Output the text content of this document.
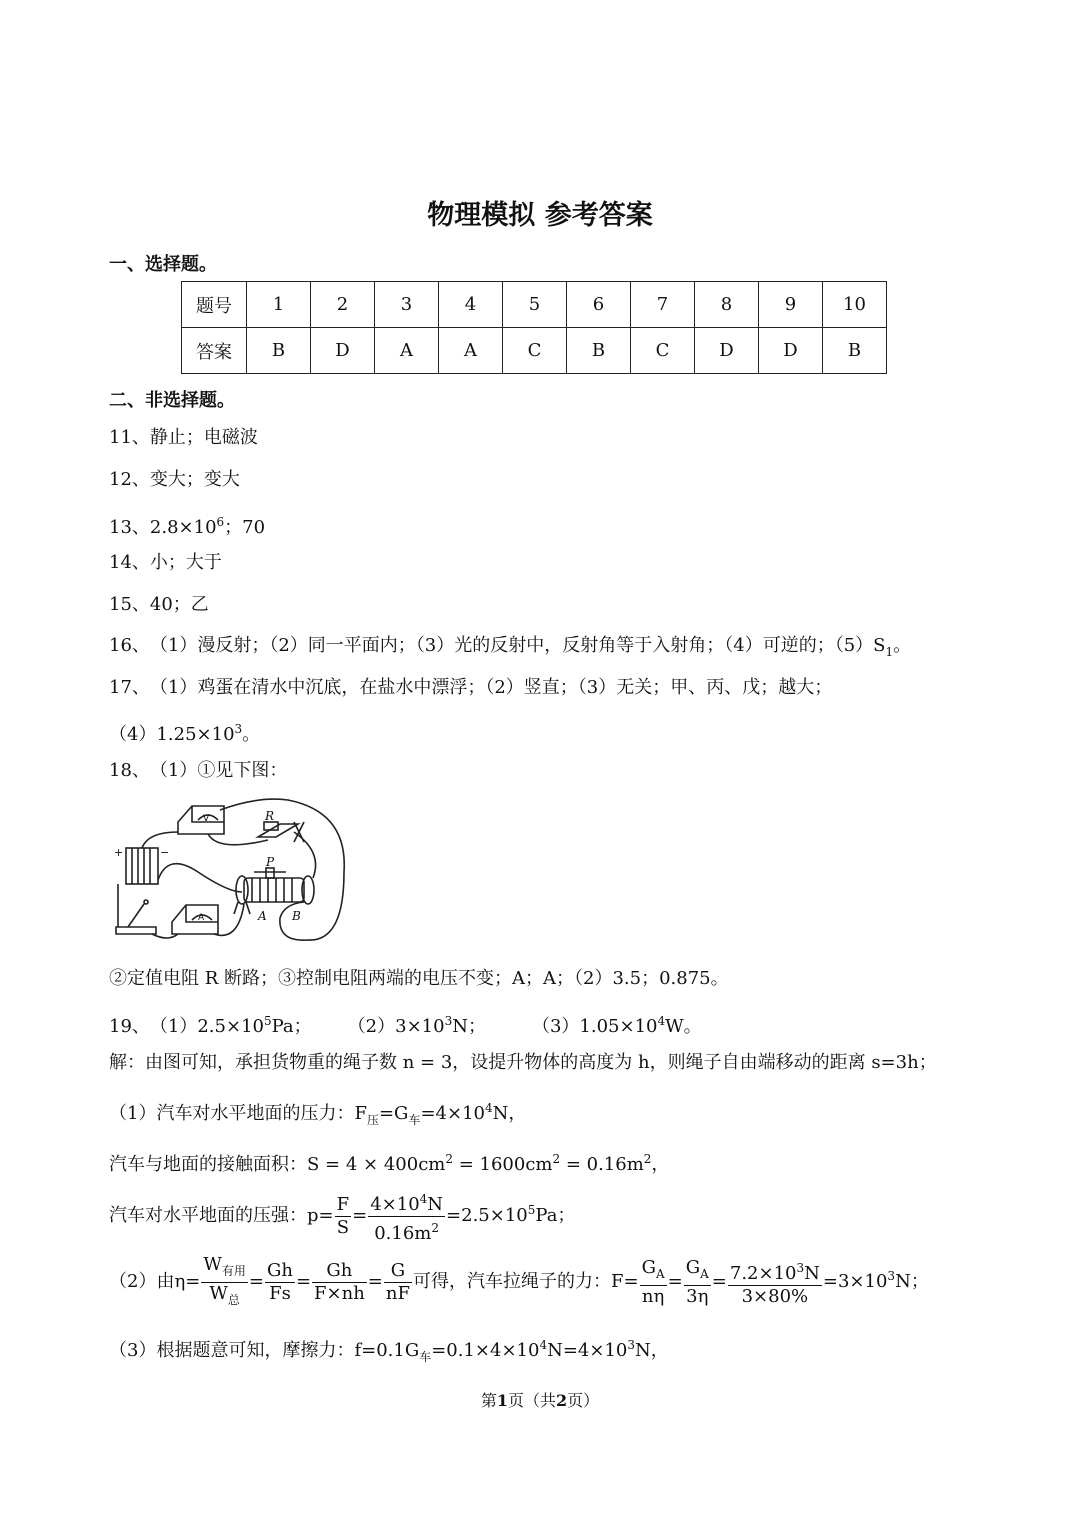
物理模拟 参考答案
一、选择题。
题号	1	2	3	4	5	6	7	8	9	10
答案	B	D	A	A	C	B	C	D	D	B
二、非选择题。
11、静止；电磁波
12、变大；变大
13、$2.8\times 10^6$；70
14、小；大于
15、40；乙
16、（1）漫反射；（2）同一平面内；（3）光的反射中，反射角等于入射角；（4）可逆的；$(5)S_1$。
17、（1）鸡蛋在清水中沉底，在盐水中漂浮；（2）竖直；（3）无关；甲、丙、戊；越大；
$(4)1.25\times 10^3$。
18、（1）①见下图：
R
P
A B
+	−
V
A
②定值电阻 R 断路；③控制电阻两端的电压不变；A；A；（2）3.5；0.875。
19、$(1)2.5\times 10^5Pa$； $(2)3\times 10^3N$；	$(3)1.05\times 10^4W$。
解：由图可知，承担货物重的绳子数 n = 3，设提升物体的高度为 h，则绳子自由端移动的距离 s=3h；
（1）汽车对水平地面的压力：$F_压=G_车=4\times 10^4N$，
汽车与地面的接触面积：$S = 4 \times 400cm^2 = 1600cm^2 = 0.16m^2$，
汽车对水平地面的压强：$p= \frac{F}{S} = \frac{4\times 10^4N}{0.16m^2} =2.5\times 10^5Pa$；
（2）由$\eta= \frac{W_{有用}}{W_总} = \frac{Gh}{Fs} = \frac{Gh}{F\times nh} = \frac{G}{nF}$ 可得，汽车拉绳子的力：$F= \frac{G_A}{n\eta} = \frac{G_A}{3\eta} = \frac{7.2\times 10^3N}{3\times 80\%} =3\times 10^3N$；
（3）根据题意可知，摩擦力：$f=0.1G_车=0.1\times 4\times 10^4N=4\times 10^3N$，
第1页（共2页）
